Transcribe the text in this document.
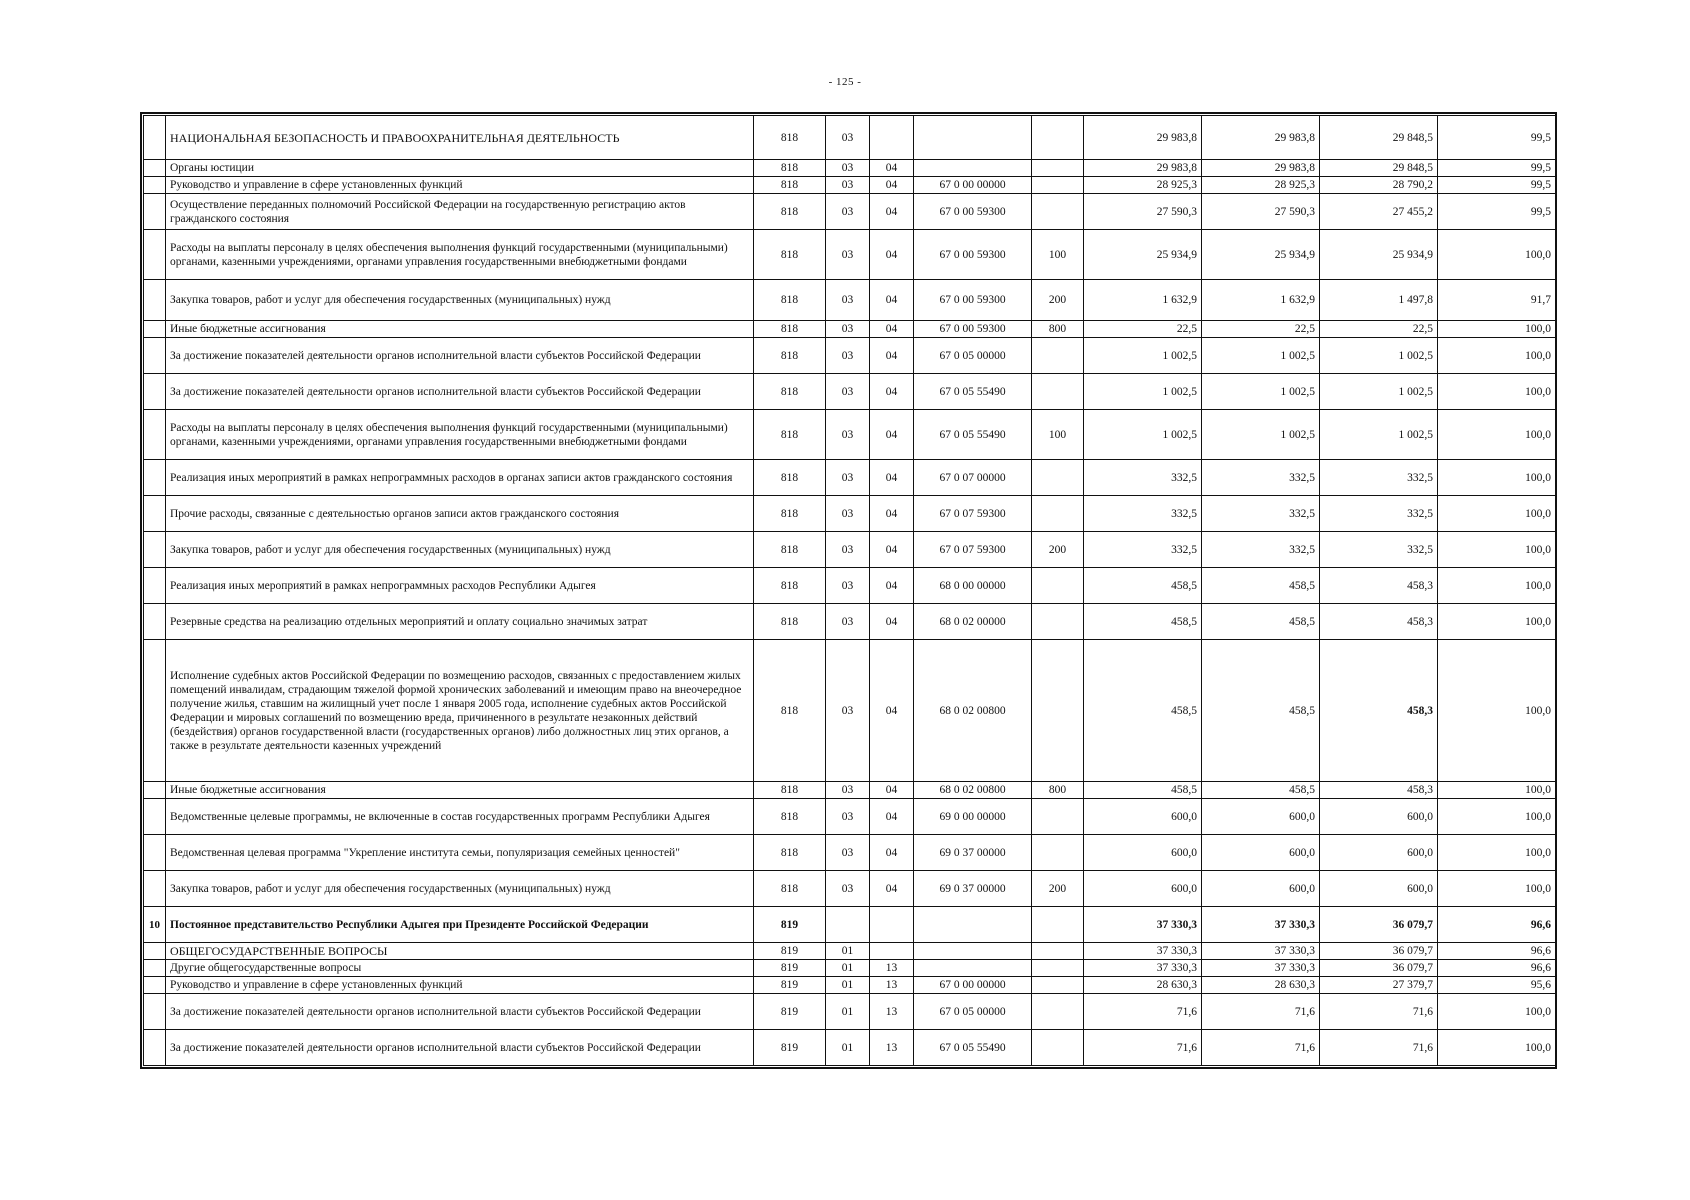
- 125 -
	НАЦИОНАЛЬНАЯ БЕЗОПАСНОСТЬ И ПРАВООХРАНИТЕЛЬНАЯ ДЕЯТЕЛЬНОСТЬ	818	03				29 983,8	29 983,8	29 848,5	99,5
	Органы юстиции	818	03	04			29 983,8	29 983,8	29 848,5	99,5
	Руководство и управление в сфере установленных функций	818	03	04	67 0 00 00000		28 925,3	28 925,3	28 790,2	99,5
	Осуществление переданных полномочий Российской Федерации на государственную регистрацию актов гражданского состояния	818	03	04	67 0 00 59300		27 590,3	27 590,3	27 455,2	99,5
	Расходы на выплаты персоналу в целях обеспечения выполнения функций государственными (муниципальными) органами, казенными учреждениями, органами управления государственными внебюджетными фондами	818	03	04	67 0 00 59300	100	25 934,9	25 934,9	25 934,9	100,0
	Закупка товаров, работ и услуг для обеспечения государственных (муниципальных) нужд	818	03	04	67 0 00 59300	200	1 632,9	1 632,9	1 497,8	91,7
	Иные бюджетные ассигнования	818	03	04	67 0 00 59300	800	22,5	22,5	22,5	100,0
	За достижение показателей деятельности органов исполнительной власти субъектов Российской Федерации	818	03	04	67 0 05 00000		1 002,5	1 002,5	1 002,5	100,0
	За достижение показателей деятельности органов исполнительной власти субъектов Российской Федерации	818	03	04	67 0 05 55490		1 002,5	1 002,5	1 002,5	100,0
	Расходы на выплаты персоналу в целях обеспечения выполнения функций государственными (муниципальными) органами, казенными учреждениями, органами управления государственными внебюджетными фондами	818	03	04	67 0 05 55490	100	1 002,5	1 002,5	1 002,5	100,0
	Реализация иных мероприятий в рамках непрограммных расходов в органах записи актов гражданского состояния	818	03	04	67 0 07 00000		332,5	332,5	332,5	100,0
	Прочие расходы, связанные с деятельностью органов записи актов гражданского состояния	818	03	04	67 0 07 59300		332,5	332,5	332,5	100,0
	Закупка товаров, работ и услуг для обеспечения государственных (муниципальных) нужд	818	03	04	67 0 07 59300	200	332,5	332,5	332,5	100,0
	Реализация иных мероприятий в рамках непрограммных расходов Республики Адыгея	818	03	04	68 0 00 00000		458,5	458,5	458,3	100,0
	Резервные средства на реализацию отдельных мероприятий и оплату социально значимых затрат	818	03	04	68 0 02 00000		458,5	458,5	458,3	100,0
	Исполнение судебных актов Российской Федерации по возмещению расходов, связанных с предоставлением жилых помещений инвалидам, страдающим тяжелой формой хронических заболеваний и имеющим право на внеочередное получение жилья, ставшим на жилищный учет после 1 января 2005 года, исполнение судебных актов Российской Федерации и мировых соглашений по возмещению вреда, причиненного в результате незаконных действий (бездействия) органов государственной власти (государственных органов) либо должностных лиц этих органов, а также в результате деятельности казенных учреждений	818	03	04	68 0 02 00800		458,5	458,5	458,3	100,0
	Иные бюджетные ассигнования	818	03	04	68 0 02 00800	800	458,5	458,5	458,3	100,0
	Ведомственные целевые программы, не включенные в состав государственных программ Республики Адыгея	818	03	04	69 0 00 00000		600,0	600,0	600,0	100,0
	Ведомственная целевая программа "Укрепление института семьи, популяризация семейных ценностей"	818	03	04	69 0 37 00000		600,0	600,0	600,0	100,0
	Закупка товаров, работ и услуг для обеспечения государственных (муниципальных) нужд	818	03	04	69 0 37 00000	200	600,0	600,0	600,0	100,0
10	Постоянное представительство Республики Адыгея при Президенте Российской Федерации	819					37 330,3	37 330,3	36 079,7	96,6
	ОБЩЕГОСУДАРСТВЕННЫЕ ВОПРОСЫ	819	01				37 330,3	37 330,3	36 079,7	96,6
	Другие общегосударственные вопросы	819	01	13			37 330,3	37 330,3	36 079,7	96,6
	Руководство и управление в сфере установленных функций	819	01	13	67 0 00 00000		28 630,3	28 630,3	27 379,7	95,6
	За достижение показателей деятельности органов исполнительной власти субъектов Российской Федерации	819	01	13	67 0 05 00000		71,6	71,6	71,6	100,0
	За достижение показателей деятельности органов исполнительной власти субъектов Российской Федерации	819	01	13	67 0 05 55490		71,6	71,6	71,6	100,0
